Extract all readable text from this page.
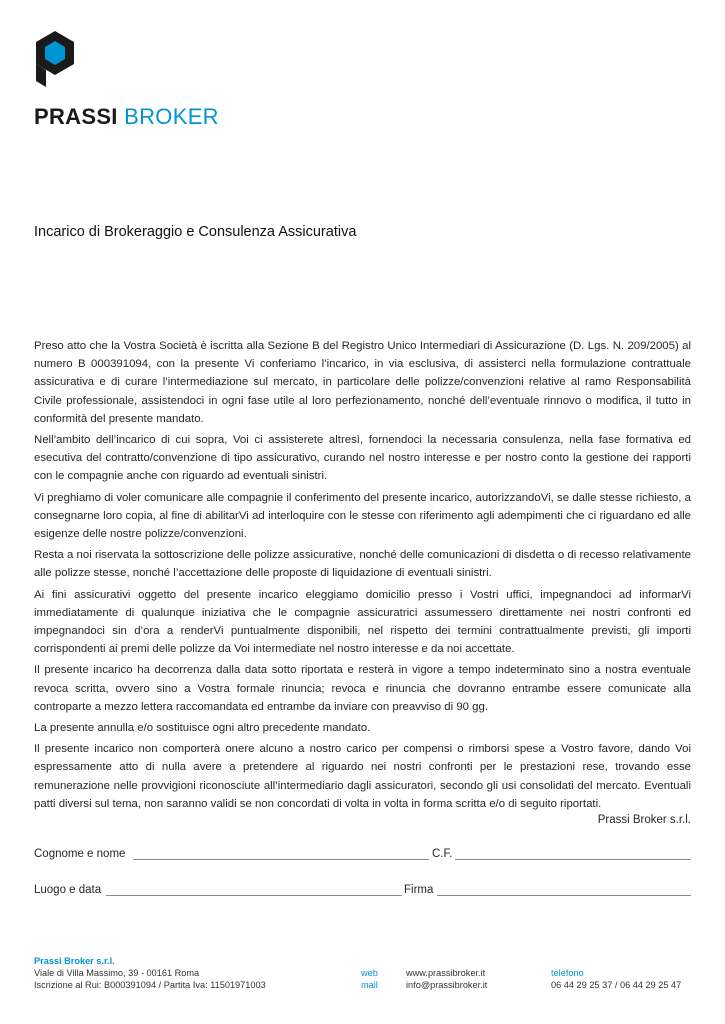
PRASSI BROKER
Incarico di Brokeraggio e Consulenza Assicurativa

Preso atto che la Vostra Società è iscritta alla Sezione B del Registro Unico Intermediari di Assicurazione (D. Lgs. N. 209/2005) al numero B 000391094, con la presente Vi conferiamo l’incarico, in via esclusiva, di assisterci nella formulazione contrattuale assicurativa e di curare l’intermediazione sul mercato, in particolare delle polizze/convenzioni relative al ramo Responsabilità Civile professionale, assistendoci in ogni fase utile al loro perfezionamento, nonché dell’eventuale rinnovo o modifica, il tutto in conformità del presente mandato.

Nell’ambito dell’incarico di cui sopra, Voi ci assisterete altresì, fornendoci la necessaria consulenza, nella fase formativa ed esecutiva del contratto/convenzione di tipo assicurativo, curando nel nostro interesse e per nostro conto la gestione dei rapporti con le compagnie anche con riguardo ad eventuali sinistri.

Vi preghiamo di voler comunicare alle compagnie il conferimento del presente incarico, autorizzandoVi, se dalle stesse richiesto, a consegnarne loro copia, al fine di abilitarVi ad interloquire con le stesse con riferimento agli adempimenti che ci riguardano ed alle esigenze delle nostre polizze/convenzioni.

Resta a noi riservata la sottoscrizione delle polizze assicurative, nonché delle comunicazioni di disdetta o di recesso relativamente alle polizze stesse, nonché l’accettazione delle proposte di liquidazione di eventuali sinistri.

Ai fini assicurativi oggetto del presente incarico eleggiamo domicilio presso i Vostri uffici, impegnandoci ad informarVi immediatamente di qualunque iniziativa che le compagnie assicuratrici assumessero direttamente nei nostri confronti ed impegnandoci sin d’ora a renderVi puntualmente disponibili, nel rispetto dei termini contrattualmente previsti, gli importi corrispondenti ai premi delle polizze da Voi intermediate nel nostro interesse e da noi accettate.

Il presente incarico ha decorrenza dalla data sotto riportata e resterà in vigore a tempo indeterminato sino a nostra eventuale revoca scritta, ovvero sino a Vostra formale rinuncia; revoca e rinuncia che dovranno entrambe essere comunicate alla controparte a mezzo lettera raccomandata ed entrambe da inviare con preavviso di 90 gg.

La presente annulla e/o sostituisce ogni altro precedente mandato.

Il presente incarico non comporterà onere alcuno a nostro carico per compensi o rimborsi spese a Vostro favore, dando Voi espressamente atto di nulla avere a pretendere al riguardo nei nostri confronti per le prestazioni rese, trovando esse remunerazione nelle provvigioni riconosciute all’intermediario dagli assicuratori, secondo gli usi consolidati del mercato. Eventuali patti diversi sul tema, non saranno validi se non concordati di volta in volta in forma scritta e/o di seguito riportati.

Prassi Broker s.r.l.
Cognome e nome	C.F.
Luogo e data	Firma
Prassi Broker s.r.l.
Viale di Villa Massimo, 39 - 00161 Roma
Iscrizione al Rui: B000391094 / Partita Iva: 11501971003
web
mail
www.prassibroker.it
info@prassibroker.it
telefono
06 44 29 25 37 / 06 44 29 25 47
